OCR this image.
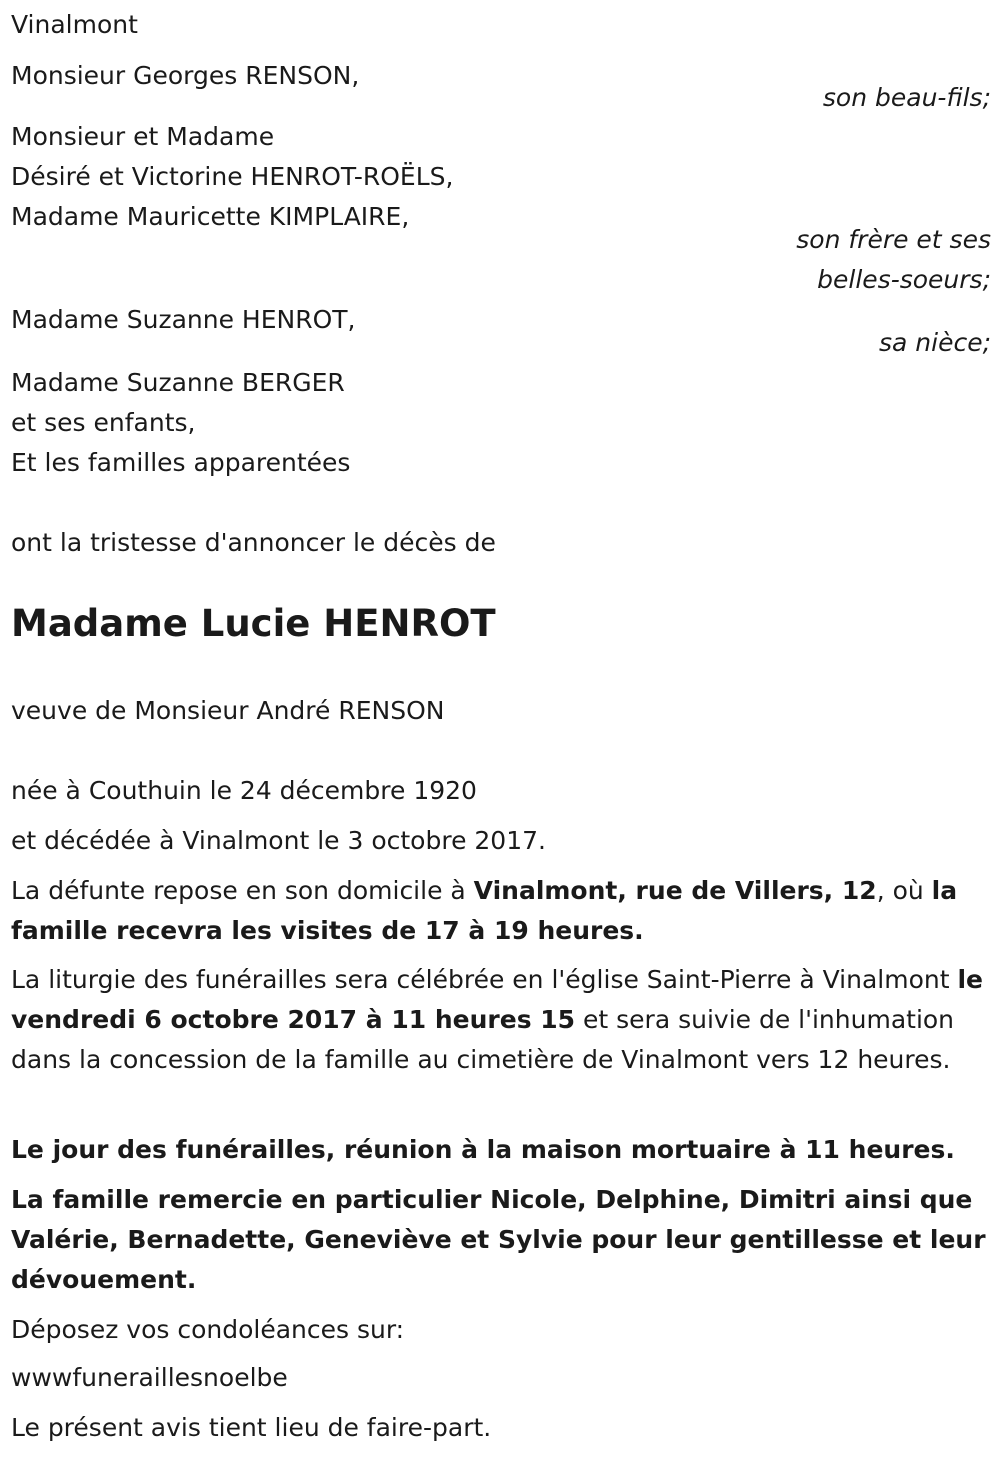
Vinalmont
Monsieur Georges RENSON,
son beau-fils;
Monsieur et Madame
Désiré et Victorine HENROT-ROËLS,
Madame Mauricette KIMPLAIRE,
son frère et ses
belles-soeurs;
Madame Suzanne HENROT,
sa nièce;
Madame Suzanne BERGER
et ses enfants,
Et les familles apparentées
ont la tristesse d'annoncer le décès de
Madame Lucie HENROT
veuve de Monsieur André RENSON
née à Couthuin le 24 décembre 1920
et décédée à Vinalmont le 3 octobre 2017.
La défunte repose en son domicile à Vinalmont, rue de Villers, 12, où la famille recevra les visites de 17 à 19 heures.
La liturgie des funérailles sera célébrée en l'église Saint-Pierre à Vinalmont le vendredi 6 octobre 2017 à 11 heures 15 et sera suivie de l'inhumation dans la concession de la famille au cimetière de Vinalmont vers 12 heures.
Le jour des funérailles, réunion à la maison mortuaire à 11 heures.
La famille remercie en particulier Nicole, Delphine, Dimitri ainsi que Valérie, Bernadette, Geneviève et Sylvie pour leur gentillesse et leur dévouement.
Déposez vos condoléances sur:
wwwfuneraillesnoelbe
Le présent avis tient lieu de faire-part.
